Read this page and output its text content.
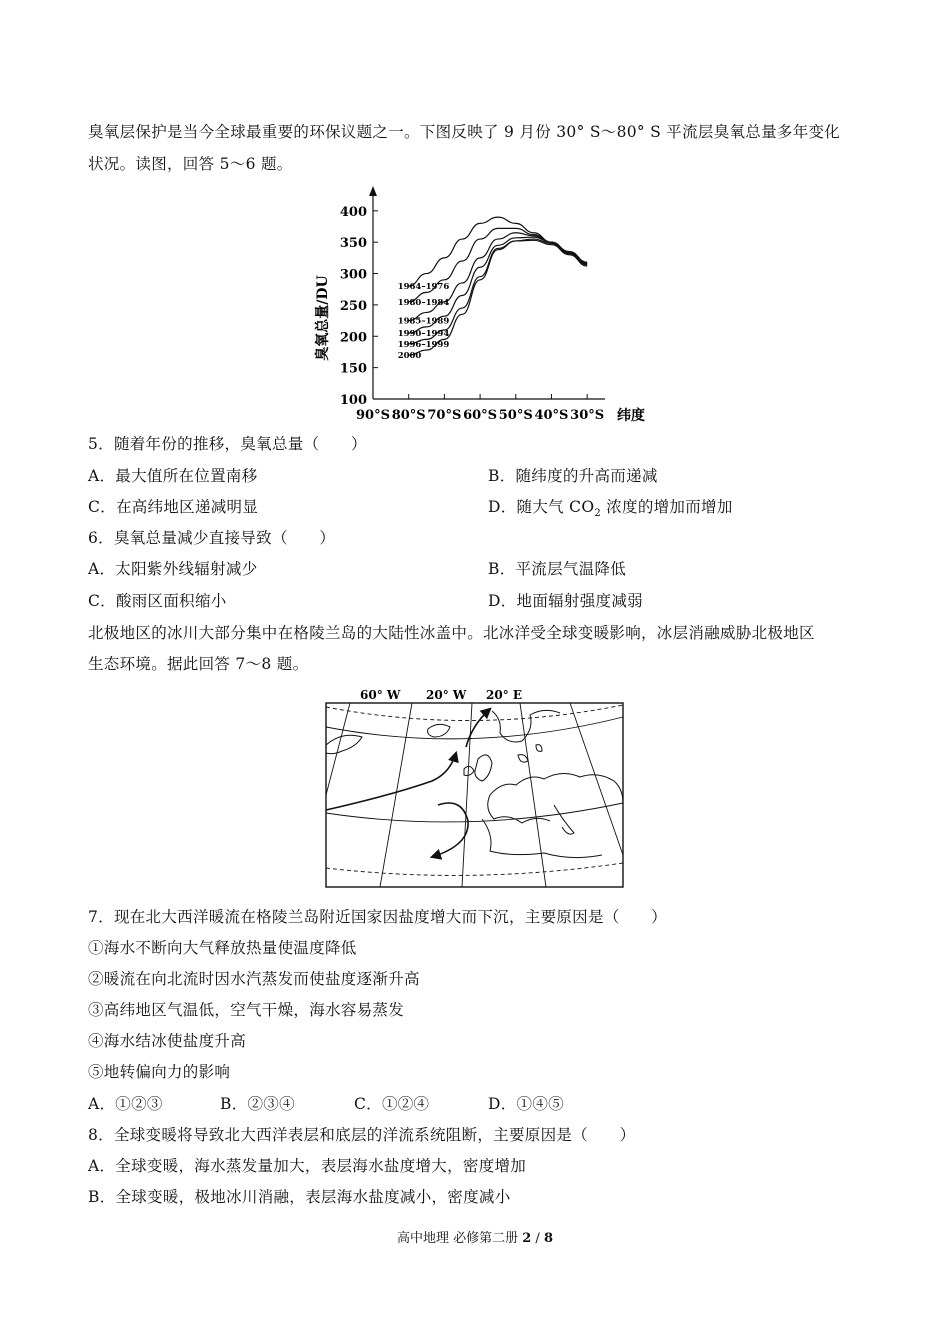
臭氧层保护是当今全球最重要的环保议题之一。下图反映了 9 月份 30° S～80° S 平流层臭氧总量多年变化
状况。读图，回答 5～6 题。
400
350
300
250
200
150
100
90°S 80°S 70°S 60°S 50°S 40°S 30°S
1964–1976
1980–1984
1985–1989
1990–1994
1996–1999
2000
臭氧总量/DU
纬度
5．随着年份的推移，臭氧总量（　　）
A．最大值所在位置南移	B．随纬度的升高而递减
C．在高纬地区递减明显	D．随大气 $CO_2$ 浓度的增加而增加
6．臭氧总量减少直接导致（　　）
A．太阳紫外线辐射减少	B．平流层气温降低
C．酸雨区面积缩小	D．地面辐射强度减弱
北极地区的冰川大部分集中在格陵兰岛的大陆性冰盖中。北冰洋受全球变暖影响，冰层消融威胁北极地区
生态环境。据此回答 7～8 题。
60° W 20° W 20° E
7．现在北大西洋暖流在格陵兰岛附近国家因盐度增大而下沉，主要原因是（　　）
①海水不断向大气释放热量使温度降低
②暖流在向北流时因水汽蒸发而使盐度逐渐升高
③高纬地区气温低，空气干燥，海水容易蒸发
④海水结冰使盐度升高
⑤地转偏向力的影响
A．①②③	B．②③④	C．①②④	D．①④⑤
8．全球变暖将导致北大西洋表层和底层的洋流系统阻断，主要原因是（　　）
A．全球变暖，海水蒸发量加大，表层海水盐度增大，密度增加
B．全球变暖，极地冰川消融，表层海水盐度减小，密度减小
高中地理 必修第二册 2 / 8
